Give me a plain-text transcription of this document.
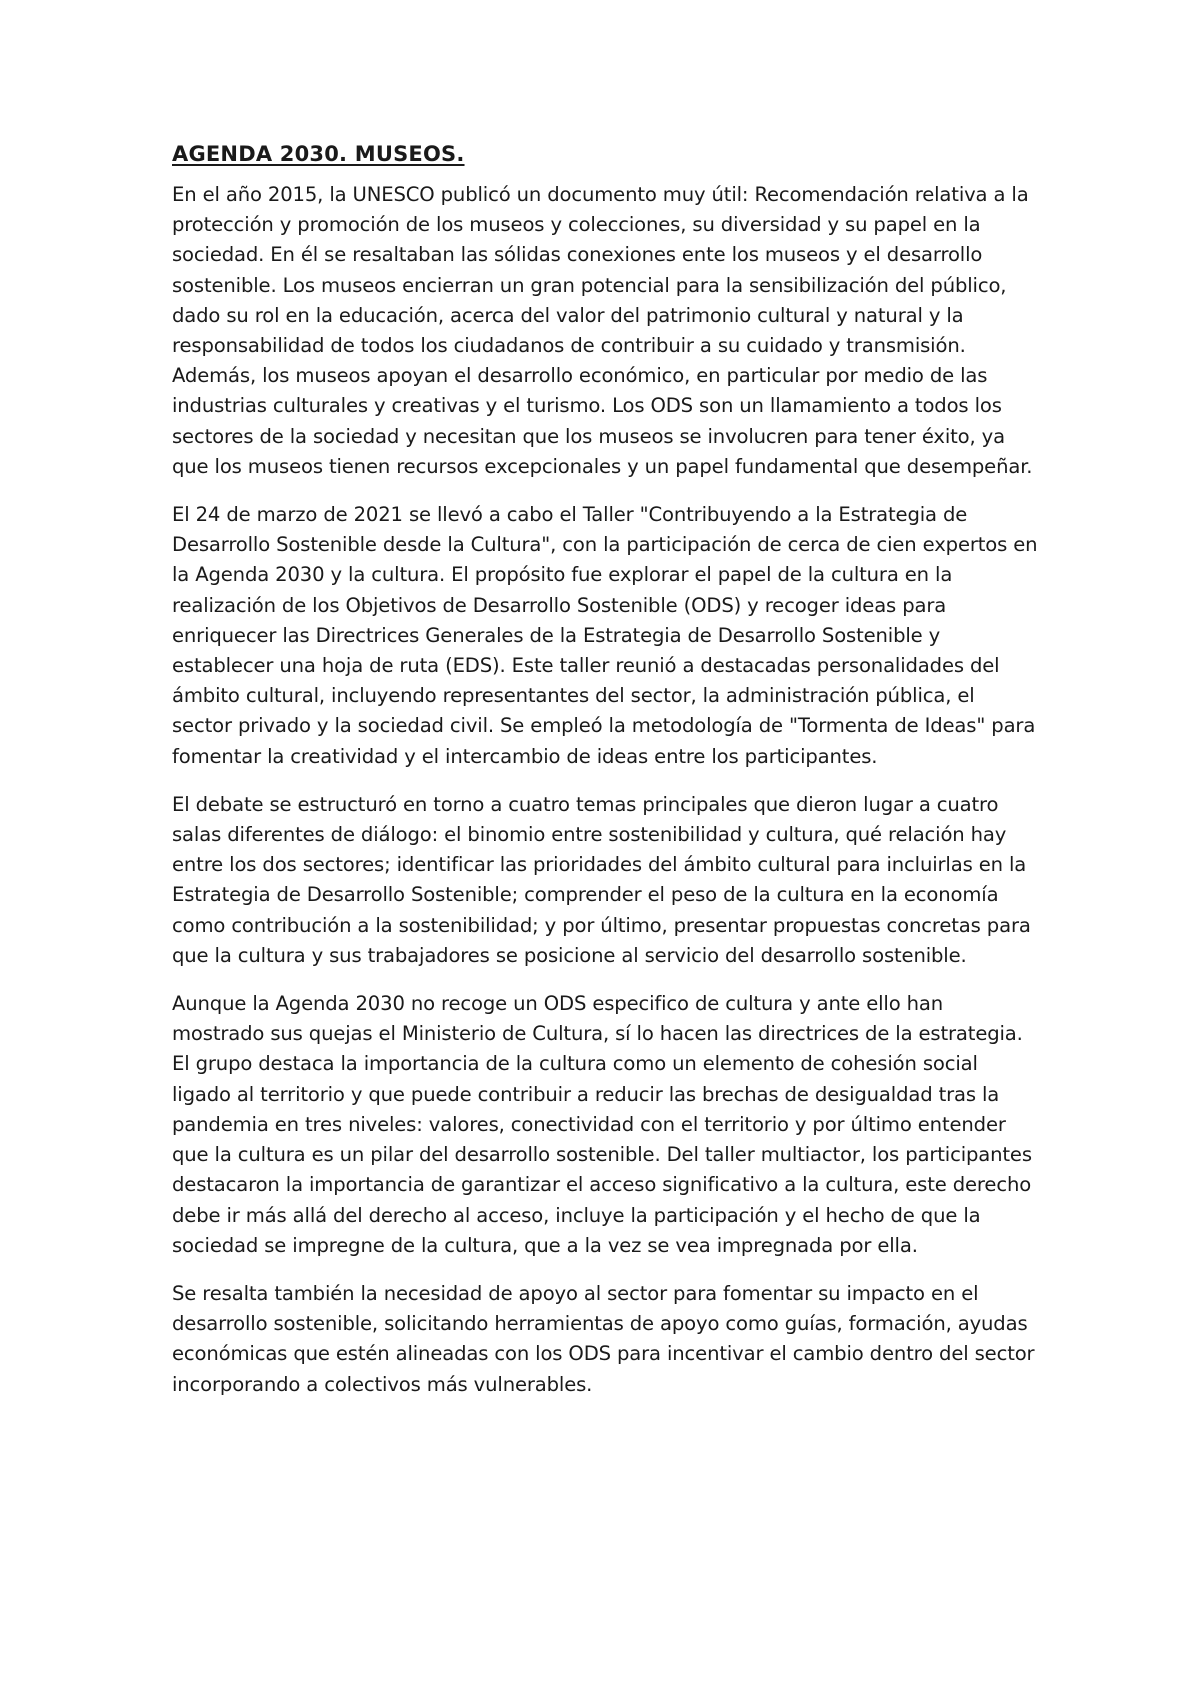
AGENDA 2030. MUSEOS.

En el año 2015, la UNESCO publicó un documento muy útil: Recomendación relativa a la protección y promoción de los museos y colecciones, su diversidad y su papel en la sociedad. En él se resaltaban las sólidas conexiones ente los museos y el desarrollo sostenible. Los museos encierran un gran potencial para la sensibilización del público, dado su rol en la educación, acerca del valor del patrimonio cultural y natural y la responsabilidad de todos los ciudadanos de contribuir a su cuidado y transmisión. Además, los museos apoyan el desarrollo económico, en particular por medio de las industrias culturales y creativas y el turismo. Los ODS son un llamamiento a todos los sectores de la sociedad y necesitan que los museos se involucren para tener éxito, ya que los museos tienen recursos excepcionales y un papel fundamental que desempeñar.

El 24 de marzo de 2021 se llevó a cabo el Taller "Contribuyendo a la Estrategia de Desarrollo Sostenible desde la Cultura", con la participación de cerca de cien expertos en la Agenda 2030 y la cultura. El propósito fue explorar el papel de la cultura en la realización de los Objetivos de Desarrollo Sostenible (ODS) y recoger ideas para enriquecer las Directrices Generales de la Estrategia de Desarrollo Sostenible y establecer una hoja de ruta (EDS). Este taller reunió a destacadas personalidades del ámbito cultural, incluyendo representantes del sector, la administración pública, el sector privado y la sociedad civil. Se empleó la metodología de "Tormenta de Ideas" para fomentar la creatividad y el intercambio de ideas entre los participantes.

El debate se estructuró en torno a cuatro temas principales que dieron lugar a cuatro salas diferentes de diálogo: el binomio entre sostenibilidad y cultura, qué relación hay entre los dos sectores; identificar las prioridades del ámbito cultural para incluirlas en la Estrategia de Desarrollo Sostenible; comprender el peso de la cultura en la economía como contribución a la sostenibilidad; y por último, presentar propuestas concretas para que la cultura y sus trabajadores se posicione al servicio del desarrollo sostenible.

Aunque la Agenda 2030 no recoge un ODS especifico de cultura y ante ello han mostrado sus quejas el Ministerio de Cultura, sí lo hacen las directrices de la estrategia. El grupo destaca la importancia de la cultura como un elemento de cohesión social ligado al territorio y que puede contribuir a reducir las brechas de desigualdad tras la pandemia en tres niveles: valores, conectividad con el territorio y por último entender que la cultura es un pilar del desarrollo sostenible. Del taller multiactor, los participantes destacaron la importancia de garantizar el acceso significativo a la cultura, este derecho debe ir más allá del derecho al acceso, incluye la participación y el hecho de que la sociedad se impregne de la cultura, que a la vez se vea impregnada por ella.

Se resalta también la necesidad de apoyo al sector para fomentar su impacto en el desarrollo sostenible, solicitando herramientas de apoyo como guías, formación, ayudas económicas que estén alineadas con los ODS para incentivar el cambio dentro del sector incorporando a colectivos más vulnerables.
